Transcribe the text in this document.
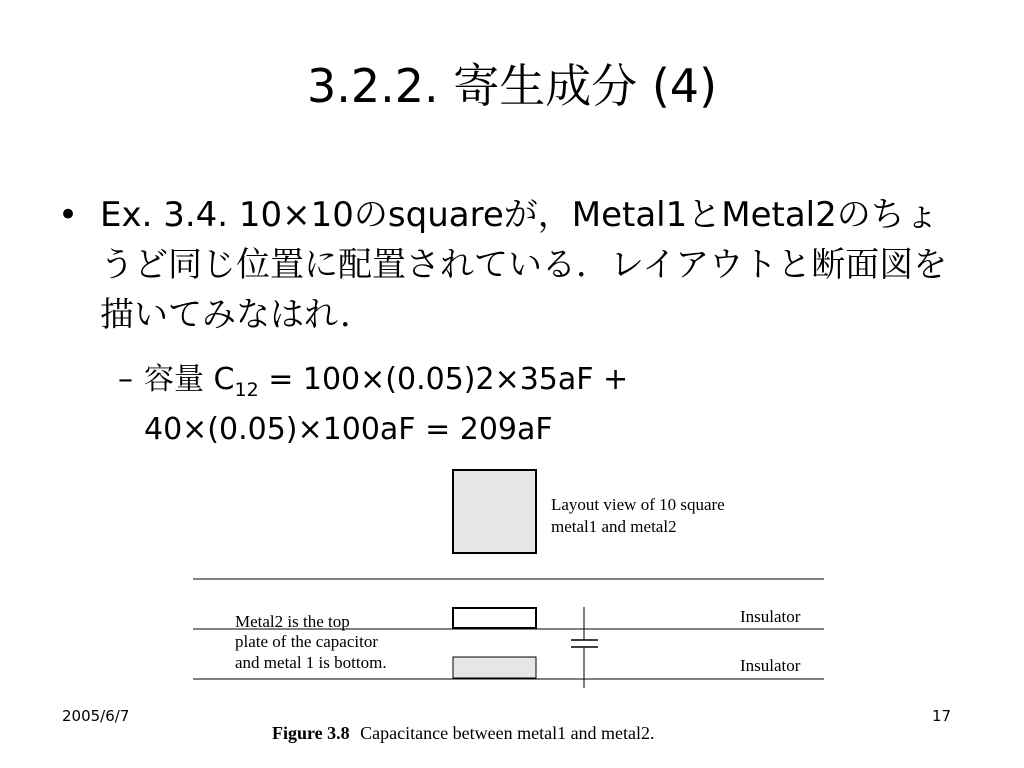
3.2.2. 寄生成分 (4)
• Ex. 3.4. 10×10のsquareが，Metal1とMetal2のちょうど同じ位置に配置されている．レイアウトと断面図を描いてみなはれ．
– 容量 $C_{12} = 100\times(0.05)2\times 35aF + 40\times(0.05)\times 100aF = 209aF$
Layout view of 10 square
metal1 and metal2
Metal2 is the top
plate of the capacitor
and metal 1 is bottom.
Insulator
Insulator
Figure 3.8 Capacitance between metal1 and metal2.
2005/6/7	17
